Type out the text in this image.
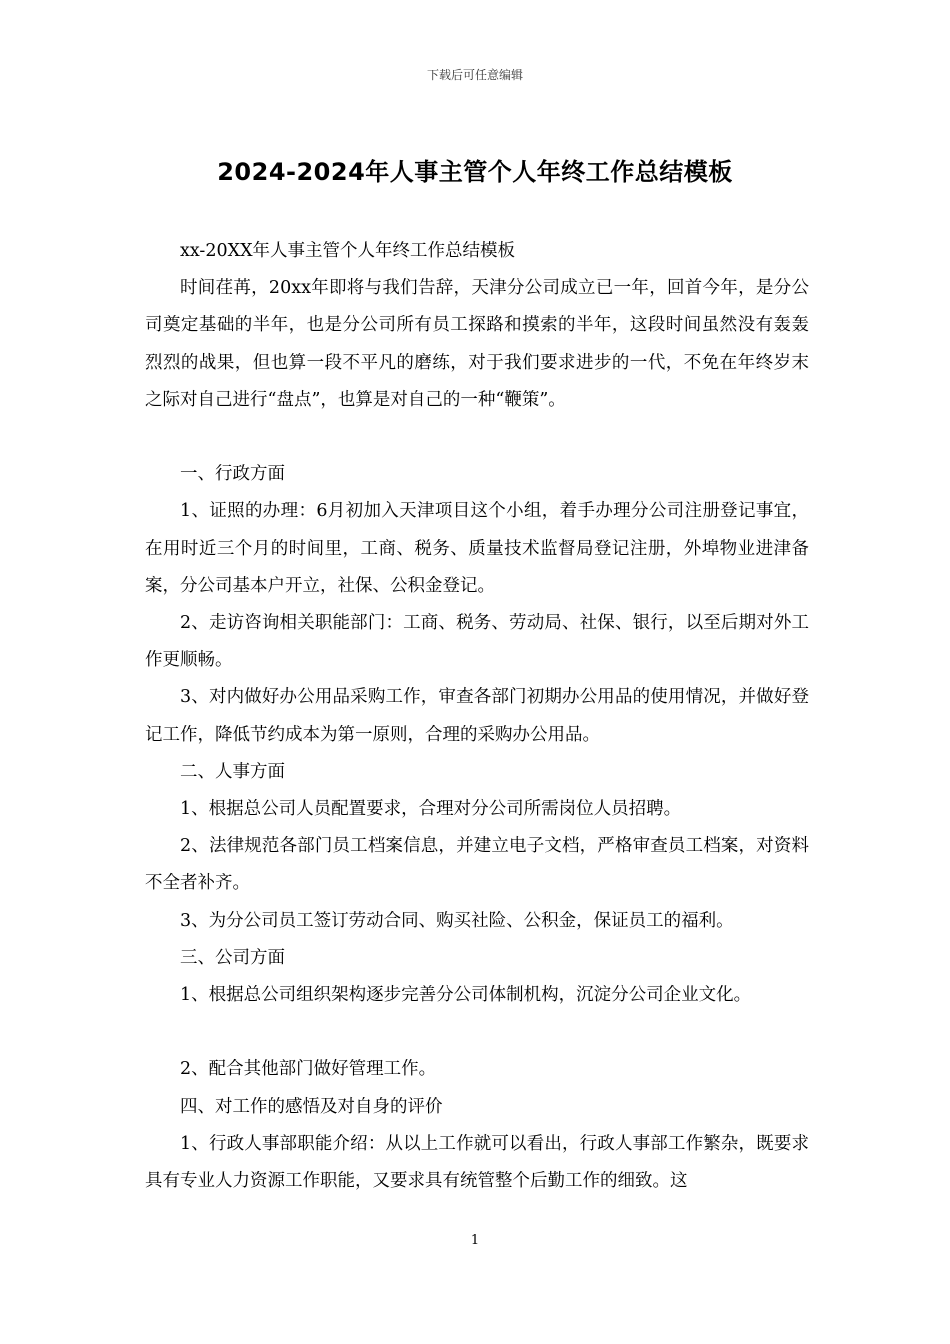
下载后可任意编辑
2024-2024年人事主管个人年终工作总结模板

xx-20XX年人事主管个人年终工作总结模板

时间荏苒，20xx年即将与我们告辞，天津分公司成立已一年，回首今年，是分公司奠定基础的半年，也是分公司所有员工探路和摸索的半年，这段时间虽然没有轰轰烈烈的战果，但也算一段不平凡的磨练，对于我们要求进步的一代，不免在年终岁末之际对自己进行“盘点”，也算是对自己的一种“鞭策”。

一、行政方面

1、证照的办理：6月初加入天津项目这个小组，着手办理分公司注册登记事宜，在用时近三个月的时间里，工商、税务、质量技术监督局登记注册，外埠物业进津备案，分公司基本户开立，社保、公积金登记。

2、走访咨询相关职能部门：工商、税务、劳动局、社保、银行，以至后期对外工作更顺畅。

3、对内做好办公用品采购工作，审查各部门初期办公用品的使用情况，并做好登记工作，降低节约成本为第一原则，合理的采购办公用品。

二、人事方面

1、根据总公司人员配置要求，合理对分公司所需岗位人员招聘。

2、法律规范各部门员工档案信息，并建立电子文档，严格审查员工档案，对资料不全者补齐。

3、为分公司员工签订劳动合同、购买社险、公积金，保证员工的福利。

三、公司方面

1、根据总公司组织架构逐步完善分公司体制机构，沉淀分公司企业文化。

2、配合其他部门做好管理工作。

四、对工作的感悟及对自身的评价

1、行政人事部职能介绍：从以上工作就可以看出，行政人事部工作繁杂，既要求具有专业人力资源工作职能，又要求具有统管整个后勤工作的细致。这

1
